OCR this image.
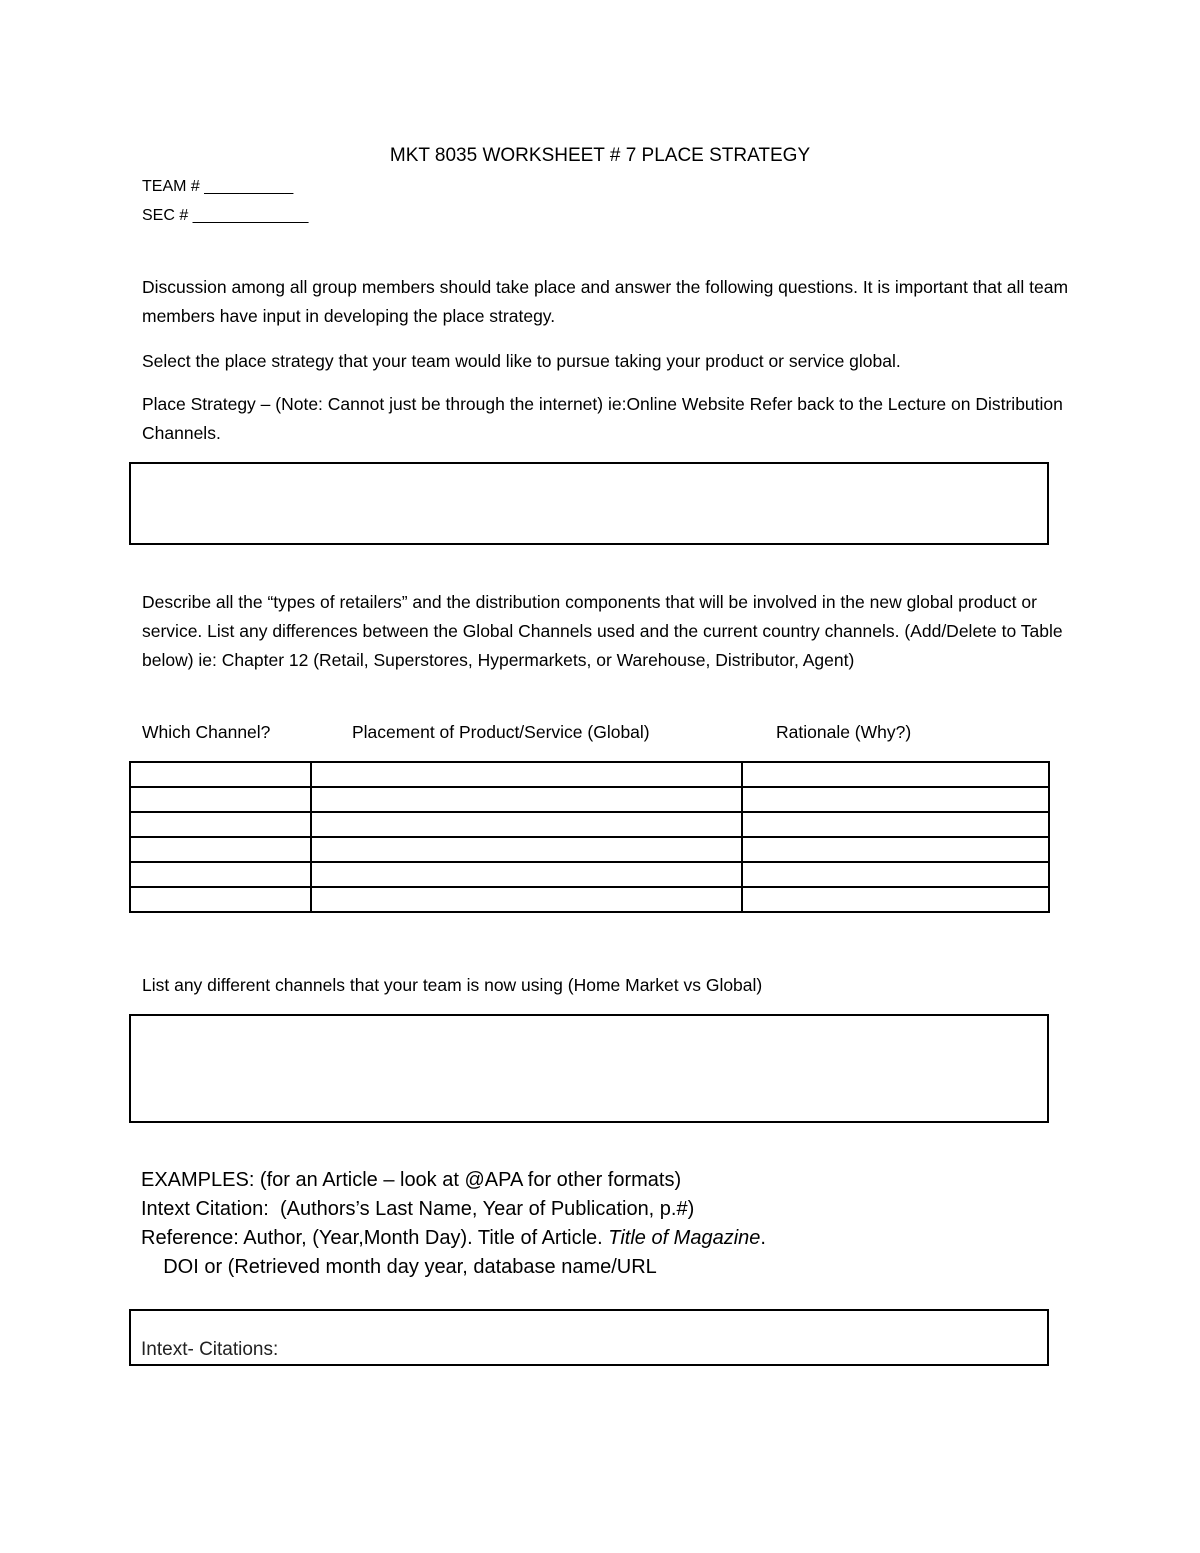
MKT 8035 WORKSHEET # 7 PLACE STRATEGY
TEAM # __________
SEC # _____________
Discussion among all group members should take place and answer the following questions. It is important that all team members have input in developing the place strategy.
Select the place strategy that your team would like to pursue taking your product or service global.
Place Strategy – (Note: Cannot just be through the internet) ie:Online Website Refer back to the Lecture on Distribution Channels.
Describe all the “types of retailers” and the distribution components that will be involved in the new global product or service. List any differences between the Global Channels used and the current country channels. (Add/Delete to Table below) ie: Chapter 12 (Retail, Superstores, Hypermarkets, or Warehouse, Distributor, Agent)
Which Channel?	Placement of Product/Service (Global)	Rationale (Why?)

List any different channels that your team is now using (Home Market vs Global)
EXAMPLES: (for an Article – look at @APA for other formats)
Intext Citation:  (Authors’s Last Name, Year of Publication, p.#)
Reference: Author, (Year,Month Day). Title of Article. Title of Magazine.
DOI or (Retrieved month day year, database name/URL
Intext- Citations:
